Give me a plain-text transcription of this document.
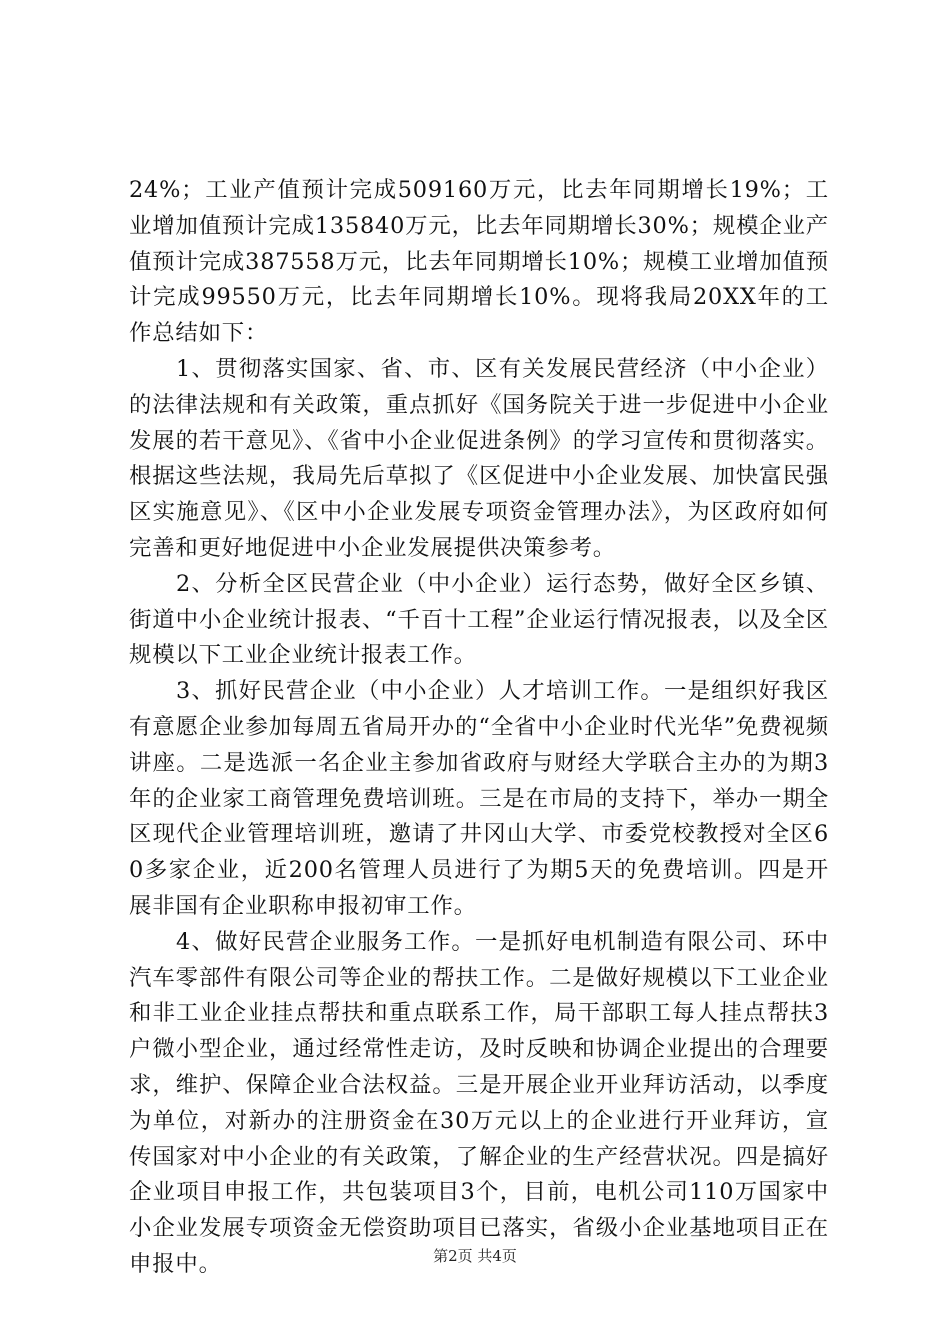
24%；工业产值预计完成509160万元，比去年同期增长19%；工业增加值预计完成135840万元，比去年同期增长30%；规模企业产值预计完成387558万元，比去年同期增长10%；规模工业增加值预计完成99550万元，比去年同期增长10%。现将我局20XX年的工作总结如下：

1、贯彻落实国家、省、市、区有关发展民营经济（中小企业）的法律法规和有关政策，重点抓好《国务院关于进一步促进中小企业发展的若干意见》、《省中小企业促进条例》的学习宣传和贯彻落实。根据这些法规，我局先后草拟了《区促进中小企业发展、加快富民强区实施意见》、《区中小企业发展专项资金管理办法》，为区政府如何完善和更好地促进中小企业发展提供决策参考。

2、分析全区民营企业（中小企业）运行态势，做好全区乡镇、街道中小企业统计报表、“千百十工程”企业运行情况报表，以及全区规模以下工业企业统计报表工作。

3、抓好民营企业（中小企业）人才培训工作。一是组织好我区有意愿企业参加每周五省局开办的“全省中小企业时代光华”免费视频讲座。二是选派一名企业主参加省政府与财经大学联合主办的为期3年的企业家工商管理免费培训班。三是在市局的支持下，举办一期全区现代企业管理培训班，邀请了井冈山大学、市委党校教授对全区60多家企业，近200名管理人员进行了为期5天的免费培训。四是开展非国有企业职称申报初审工作。

4、做好民营企业服务工作。一是抓好电机制造有限公司、环中汽车零部件有限公司等企业的帮扶工作。二是做好规模以下工业企业和非工业企业挂点帮扶和重点联系工作，局干部职工每人挂点帮扶3户微小型企业，通过经常性走访，及时反映和协调企业提出的合理要求，维护、保障企业合法权益。三是开展企业开业拜访活动，以季度为单位，对新办的注册资金在30万元以上的企业进行开业拜访，宣传国家对中小企业的有关政策，了解企业的生产经营状况。四是搞好企业项目申报工作，共包装项目3个，目前，电机公司110万国家中小企业发展专项资金无偿资助项目已落实，省级小企业基地项目正在申报中。	第2页 共4页
